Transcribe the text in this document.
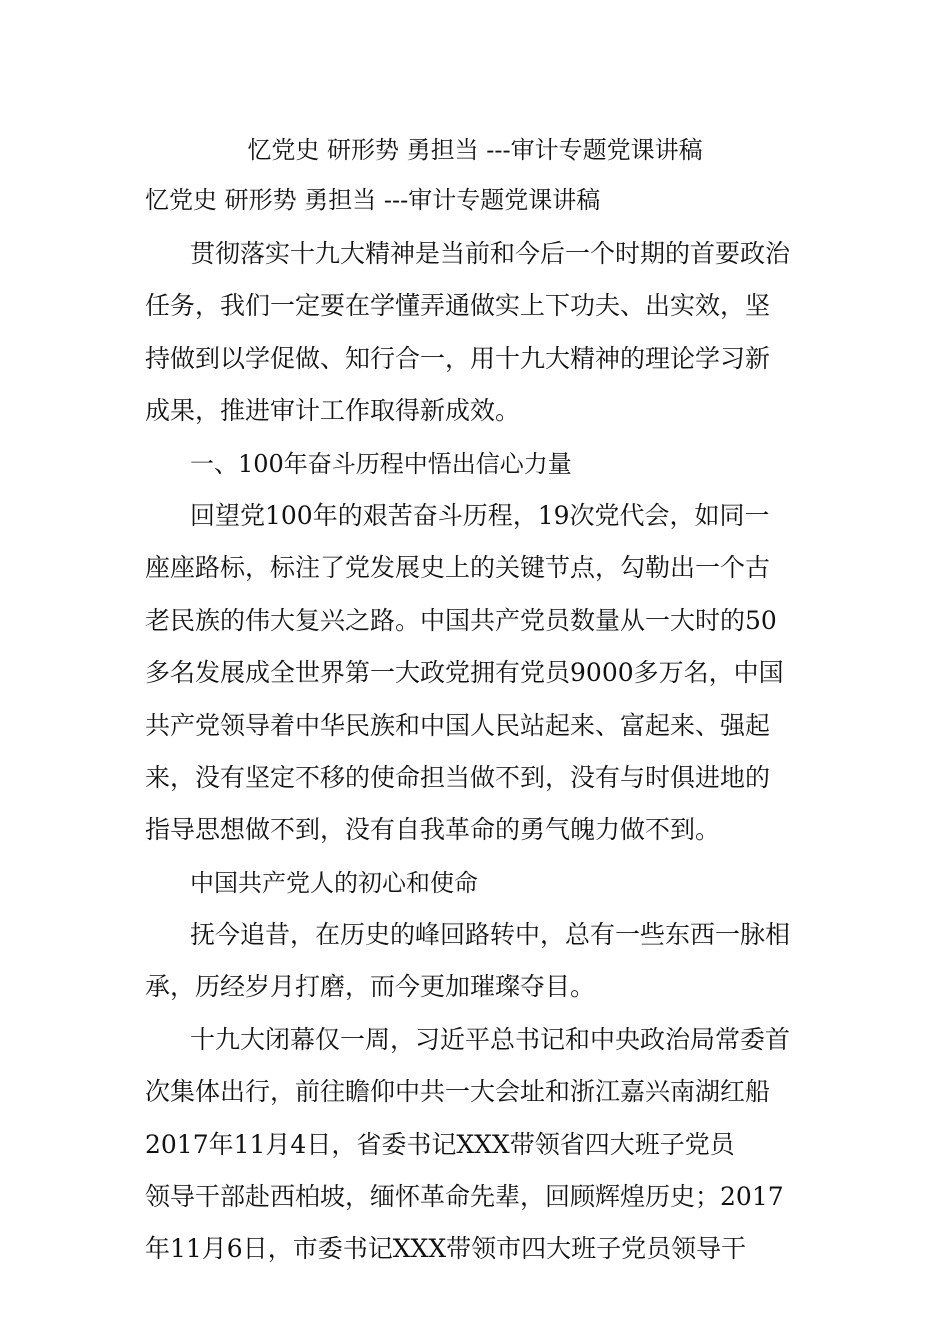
忆党史 研形势 勇担当 ---审计专题党课讲稿
忆党史 研形势 勇担当 ---审计专题党课讲稿
贯彻落实十九大精神是当前和今后一个时期的首要政治
任务，我们一定要在学懂弄通做实上下功夫、出实效，坚
持做到以学促做、知行合一，用十九大精神的理论学习新
成果，推进审计工作取得新成效。
一、100年奋斗历程中悟出信心力量
回望党100年的艰苦奋斗历程，19次党代会，如同一
座座路标，标注了党发展史上的关键节点，勾勒出一个古
老民族的伟大复兴之路。中国共产党员数量从一大时的50
多名发展成全世界第一大政党拥有党员9000多万名，中国
共产党领导着中华民族和中国人民站起来、富起来、强起
来，没有坚定不移的使命担当做不到，没有与时俱进地的
指导思想做不到，没有自我革命的勇气魄力做不到。
中国共产党人的初心和使命
抚今追昔，在历史的峰回路转中，总有一些东西一脉相
承，历经岁月打磨，而今更加璀璨夺目。
十九大闭幕仅一周，习近平总书记和中央政治局常委首
次集体出行，前往瞻仰中共一大会址和浙江嘉兴南湖红船
2017年11月4日，省委书记XXX带领省四大班子党员
领导干部赴西柏坡，缅怀革命先辈，回顾辉煌历史；2017
年11月6日，市委书记XXX带领市四大班子党员领导干
